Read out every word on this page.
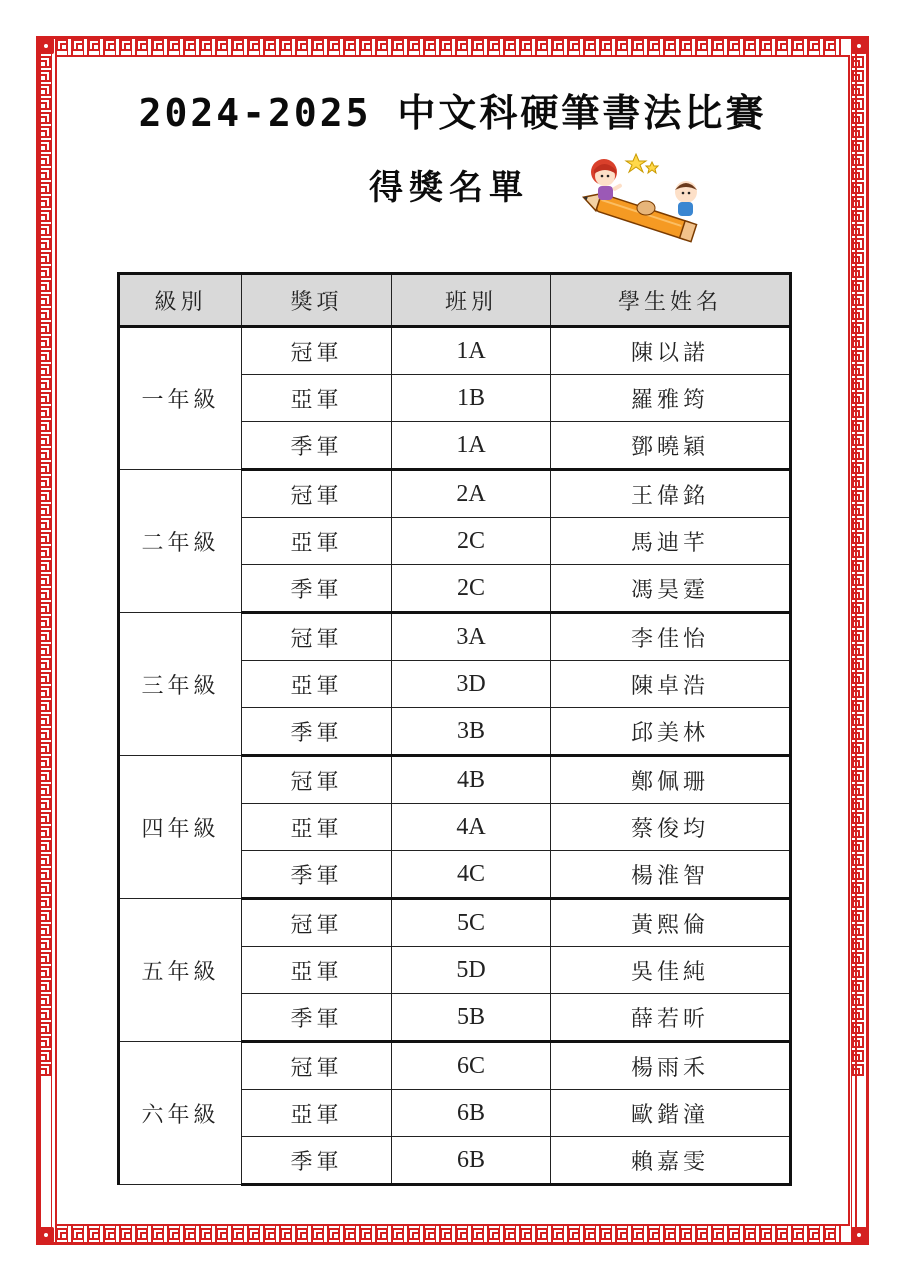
2024-2025 中文科硬筆書法比賽
得獎名單
級別	獎項	班別	學生姓名
一年級	冠軍	1A	陳以諾
	亞軍	1B	羅雅筠
	季軍	1A	鄧曉穎
二年級	冠軍	2A	王偉銘
	亞軍	2C	馬迪芊
	季軍	2C	馮昊霆
三年級	冠軍	3A	李佳怡
	亞軍	3D	陳卓浩
	季軍	3B	邱美林
四年級	冠軍	4B	鄭佩珊
	亞軍	4A	蔡俊均
	季軍	4C	楊淮智
五年級	冠軍	5C	黃熙倫
	亞軍	5D	吳佳純
	季軍	5B	薛若昕
六年級	冠軍	6C	楊雨禾
	亞軍	6B	歐鍇潼
	季軍	6B	賴嘉雯
